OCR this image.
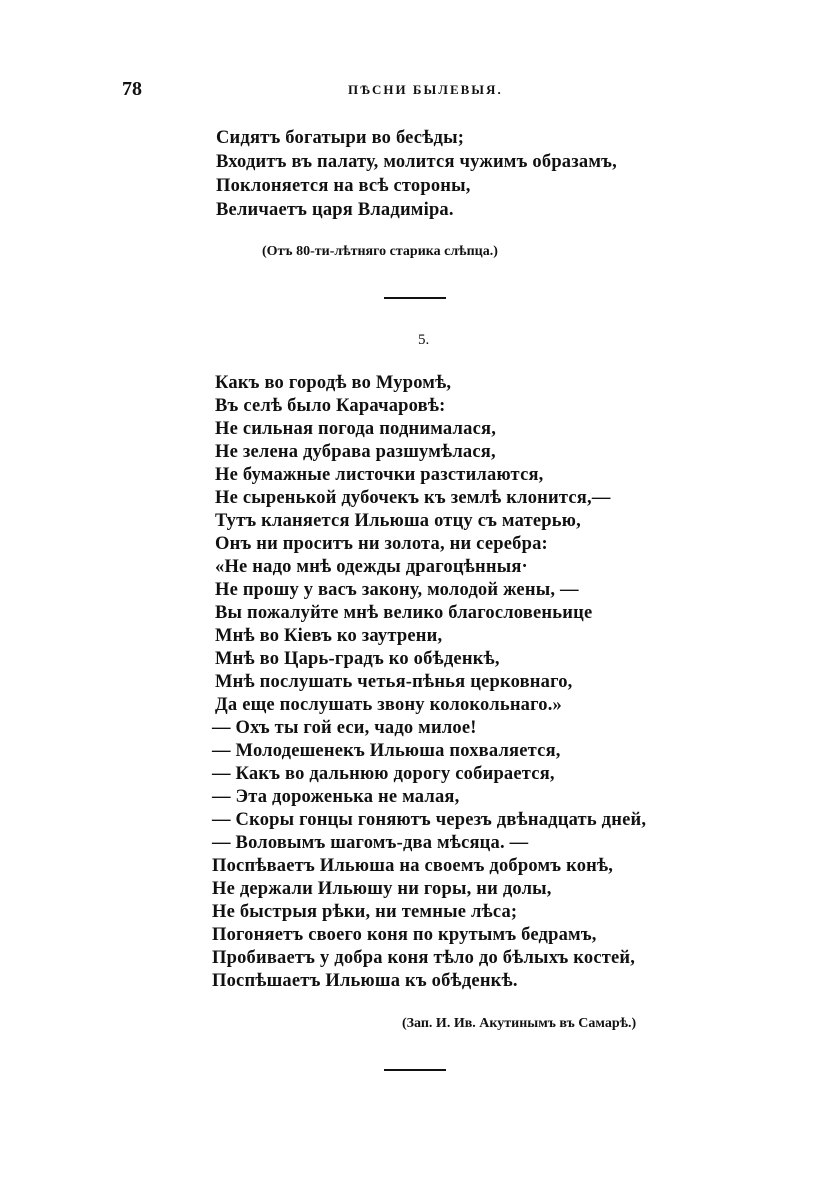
78	ПѢСНИ БЫЛЕВЫЯ.
Сидятъ богатыри во бесѣды;
Входитъ въ палату, молится чужимъ образамъ,
Поклоняется на всѣ стороны,
Величаетъ царя Владиміра.
(Отъ 80-ти-лѣтняго старика слѣпца.)
5.
Какъ во городѣ во Муромѣ,
Въ селѣ было Карачаровѣ:
Не сильная погода поднималася,
Не зелена дубрава разшумѣлася,
Не бумажные листочки разстилаются,
Не сыренькой дубочекъ къ землѣ клонится,—
Тутъ кланяется Ильюша отцу съ матерью,
Онъ ни проситъ ни золота, ни серебра:
«Не надо мнѣ одежды драгоцѣнныя·
Не прошу у васъ закону, молодой жены, —
Вы пожалуйте мнѣ велико благословеньице
Мнѣ во Кіевъ ко заутрени,
Мнѣ во Царь-градъ ко обѣденкѣ,
Мнѣ послушать четья-пѣнья церковнаго,
Да еще послушать звону колокольнаго.»
— Охъ ты гой еси, чадо милое!
— Молодешенекъ Ильюша похваляется,
— Какъ во дальнюю дорогу собирается,
— Эта дороженька не малая,
— Скоры гонцы гоняютъ черезъ двѣнадцать дней,
— Воловымъ шагомъ-два мѣсяца. —
Поспѣваетъ Ильюша на своемъ добромъ конѣ,
Не держали Ильюшу ни горы, ни долы,
Не быстрыя рѣки, ни темные лѣса;
Погоняетъ своего коня по крутымъ бедрамъ,
Пробиваетъ у добра коня тѣло до бѣлыхъ костей,
Поспѣшаетъ Ильюша къ обѣденкѣ.
(Зап. И. Ив. Акутинымъ въ Самарѣ.)
